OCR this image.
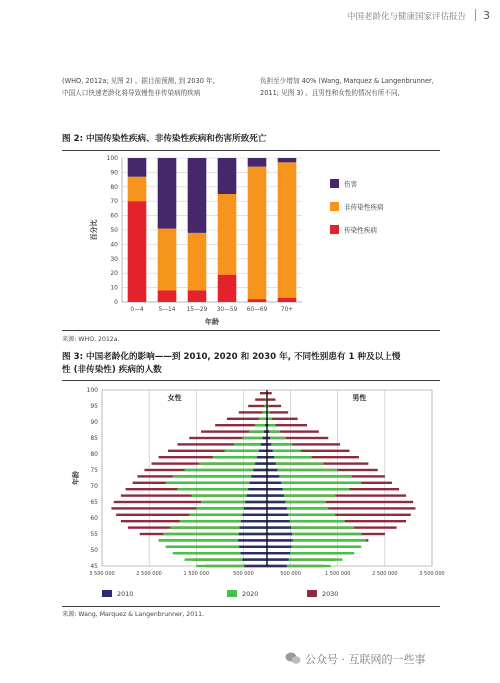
中国老龄化与健康国家评估报告 3
(WHO, 2012a; 见图 2) 。据目前预测, 到 2030 年,
中国人口快速老龄化将导致慢性非传染病的疾病
负担至少增加 40% (Wang, Marquez & Langenbrunner,
2011; 见图 3) 。且男性和女性的情况有所不同,
图 2: 中国传染性疾病、非传染性疾病和伤害所致死亡
0
10
20
30
40
50
60
70
80
90
100
百分比
0—4	5—14 15—29 30—59 60—69 70+
年龄
伤害
非传染性疾病
传染性疾病
来源: WHO, 2012a.
图 3: 中国老龄化的影响——到 2010, 2020 和 2030 年, 不同性别患有 1 种及以上慢
性 (非传染性) 疾病的人数
45
50
55
60
65
70
75
80
85
90
95
100
女性	男性
年龄
3 500 000	2 500 000	1 500 000	500 000	500 000	1 500 000	2 500 000	3 500 000
2010	2020	2030
来源: Wang, Marquez & Langenbrunner, 2011.
公众号 · 互联网的一些事
